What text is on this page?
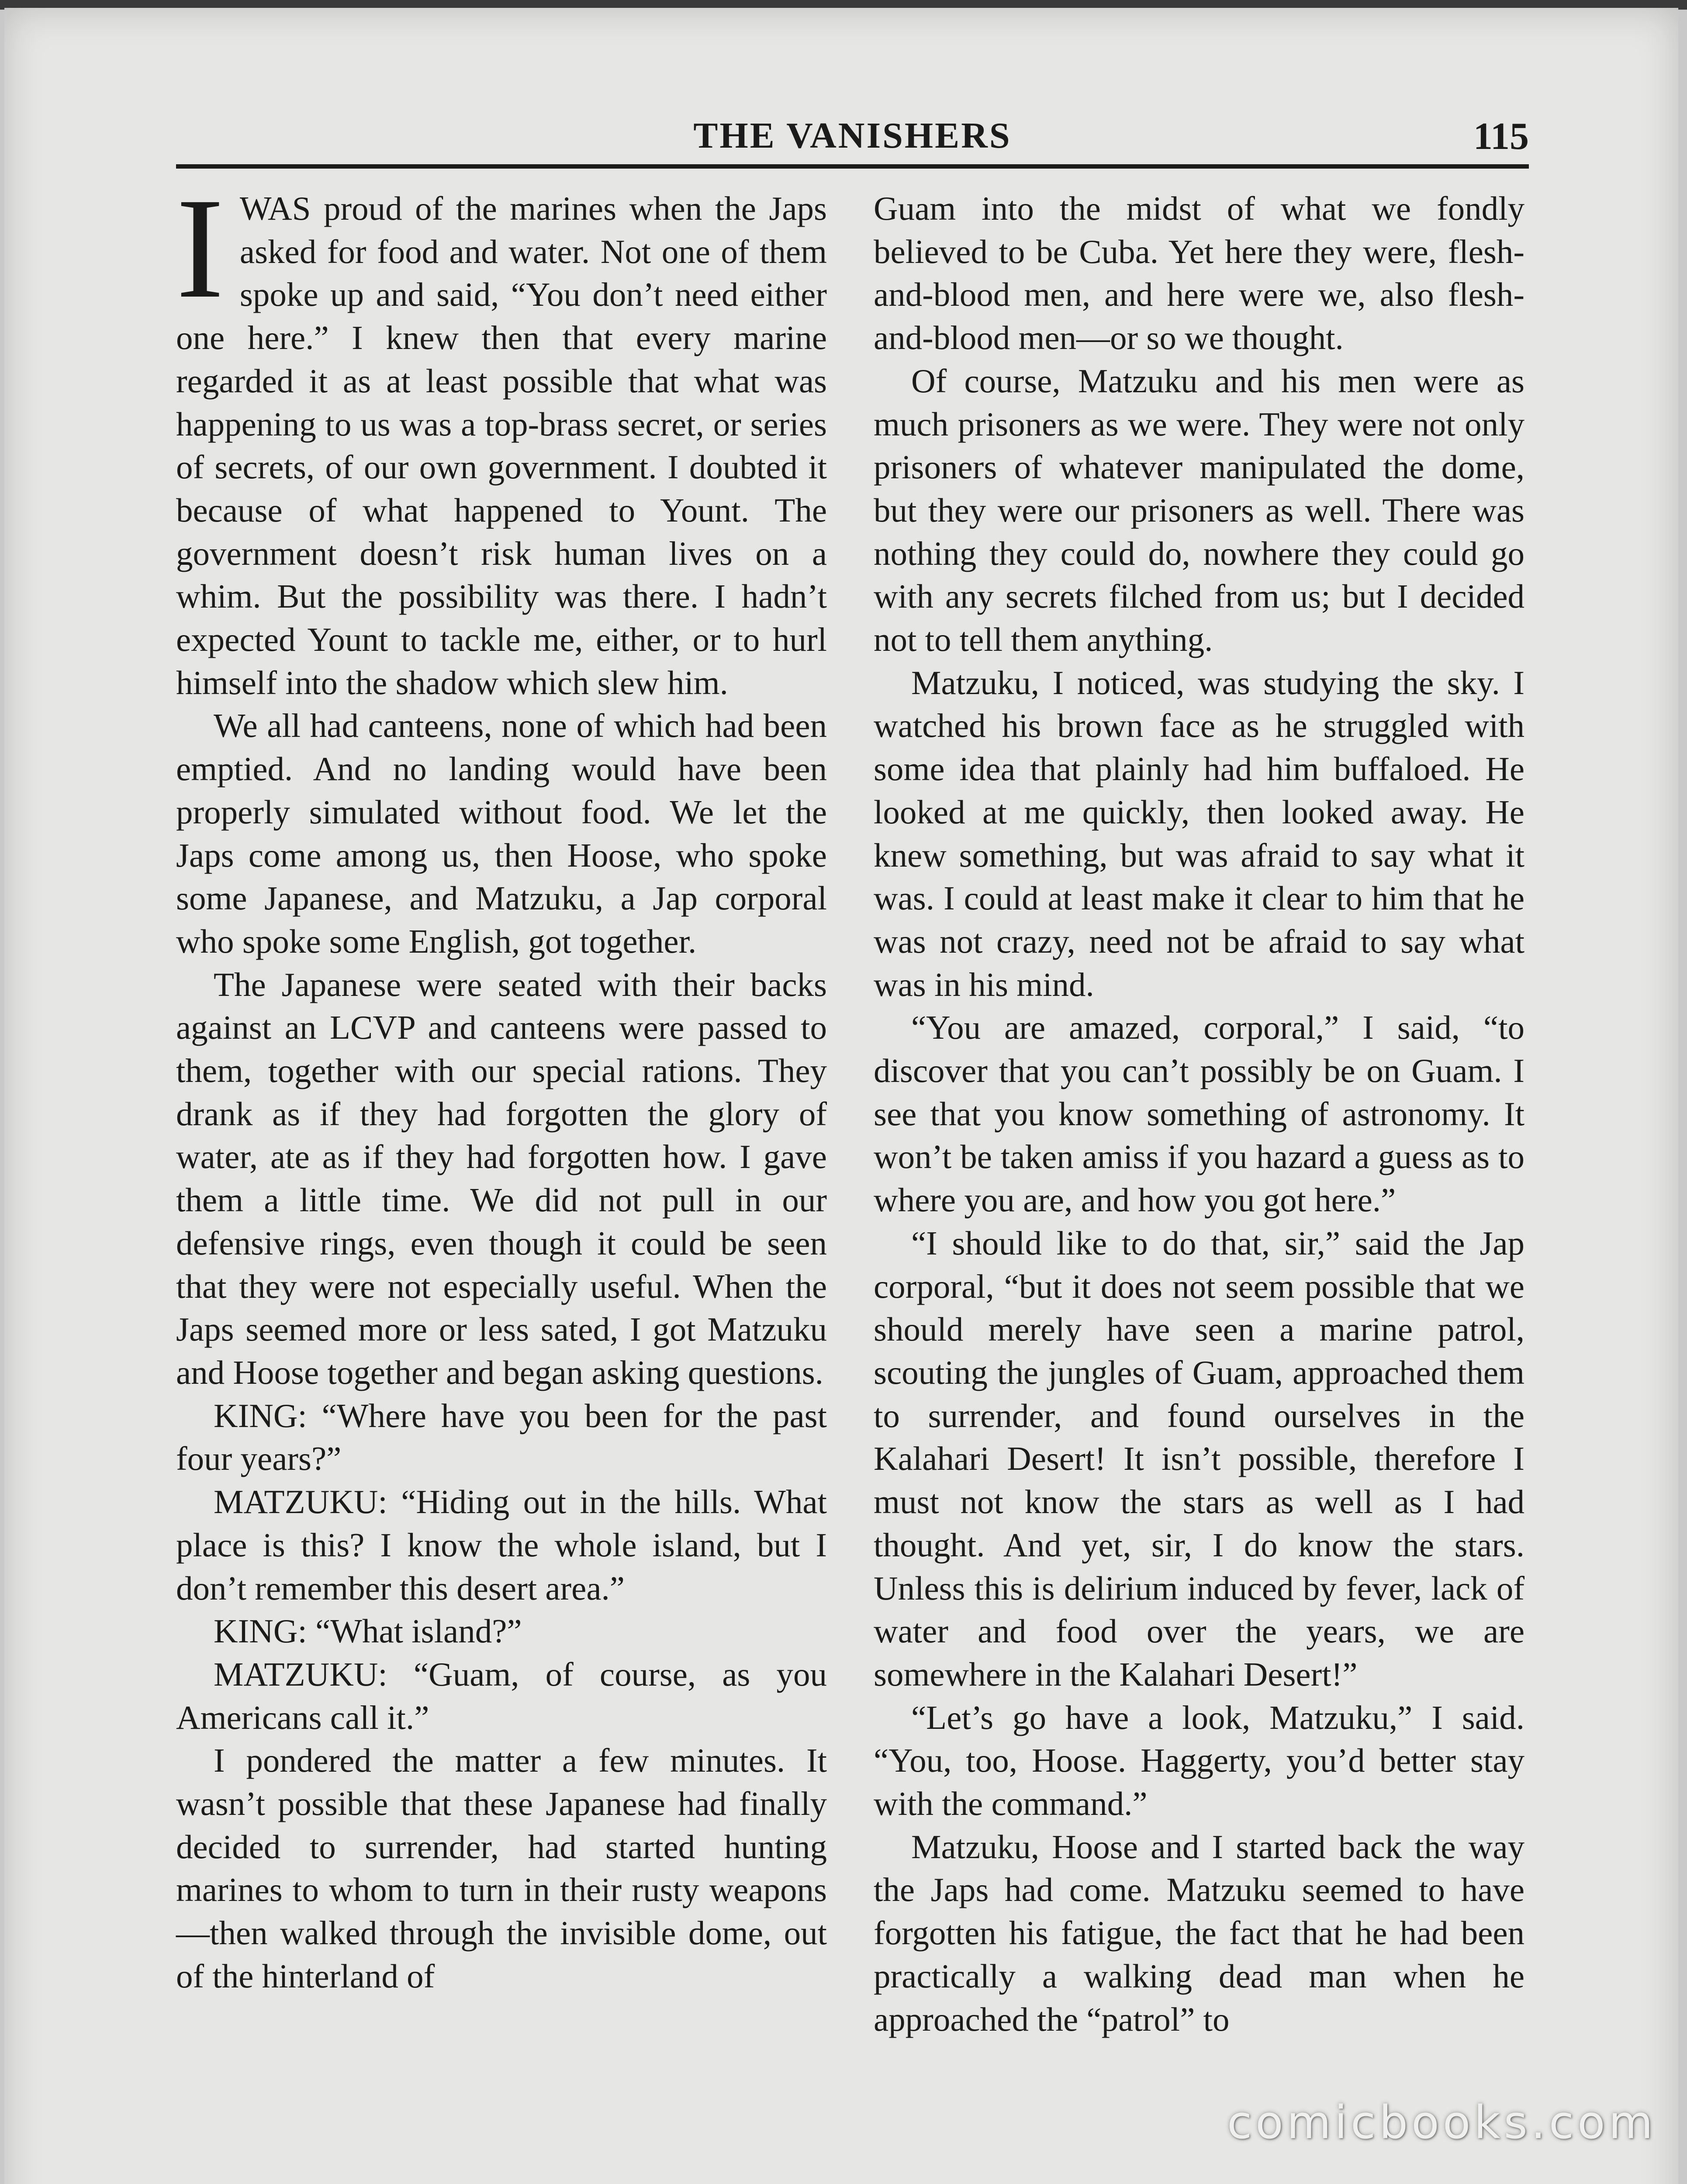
THE VANISHERS	115

IWAS proud of the marines when the Japs asked for food and water. Not one of them spoke up and said, “You don’t need either one here.” I knew then that every marine regarded it as at least possible that what was happening to us was a top-brass secret, or series of secrets, of our own government. I doubted it because of what happened to Yount. The government doesn’t risk human lives on a whim. But the possibility was there. I hadn’t expected Yount to tackle me, either, or to hurl himself into the shadow which slew him.

We all had canteens, none of which had been emptied. And no landing would have been properly simulated without food. We let the Japs come among us, then Hoose, who spoke some Japanese, and Matzuku, a Jap corporal who spoke some English, got together.

The Japanese were seated with their backs against an LCVP and canteens were passed to them, together with our special rations. They drank as if they had forgotten the glory of water, ate as if they had forgotten how. I gave them a little time. We did not pull in our defensive rings, even though it could be seen that they were not especially useful. When the Japs seemed more or less sated, I got Matzuku and Hoose together and began asking questions.

KING: “Where have you been for the past four years?”

MATZUKU: “Hiding out in the hills. What place is this? I know the whole island, but I don’t remember this desert area.”

KING: “What island?”

MATZUKU: “Guam, of course, as you Americans call it.”

I pondered the matter a few minutes. It wasn’t possible that these Japanese had finally decided to surrender, had started hunting marines to whom to turn in their rusty weapons—then walked through the invisible dome, out of the hinterland of

Guam into the midst of what we fondly believed to be Cuba. Yet here they were, flesh-and-blood men, and here were we, also flesh-and-blood men—or so we thought.

Of course, Matzuku and his men were as much prisoners as we were. They were not only prisoners of whatever manipulated the dome, but they were our prisoners as well. There was nothing they could do, nowhere they could go with any secrets filched from us; but I decided not to tell them anything.

Matzuku, I noticed, was studying the sky. I watched his brown face as he struggled with some idea that plainly had him buffaloed. He looked at me quickly, then looked away. He knew something, but was afraid to say what it was. I could at least make it clear to him that he was not crazy, need not be afraid to say what was in his mind.

“You are amazed, corporal,” I said, “to discover that you can’t possibly be on Guam. I see that you know something of astronomy. It won’t be taken amiss if you hazard a guess as to where you are, and how you got here.”

“I should like to do that, sir,” said the Jap corporal, “but it does not seem possible that we should merely have seen a marine patrol, scouting the jungles of Guam, approached them to surrender, and found ourselves in the Kalahari Desert! It isn’t possible, therefore I must not know the stars as well as I had thought. And yet, sir, I do know the stars. Unless this is delirium induced by fever, lack of water and food over the years, we are somewhere in the Kalahari Desert!”

“Let’s go have a look, Matzuku,” I said. “You, too, Hoose. Haggerty, you’d better stay with the command.”

Matzuku, Hoose and I started back the way the Japs had come. Matzuku seemed to have forgotten his fatigue, the fact that he had been practically a walking dead man when he approached the “patrol” to

comicbooks.com
